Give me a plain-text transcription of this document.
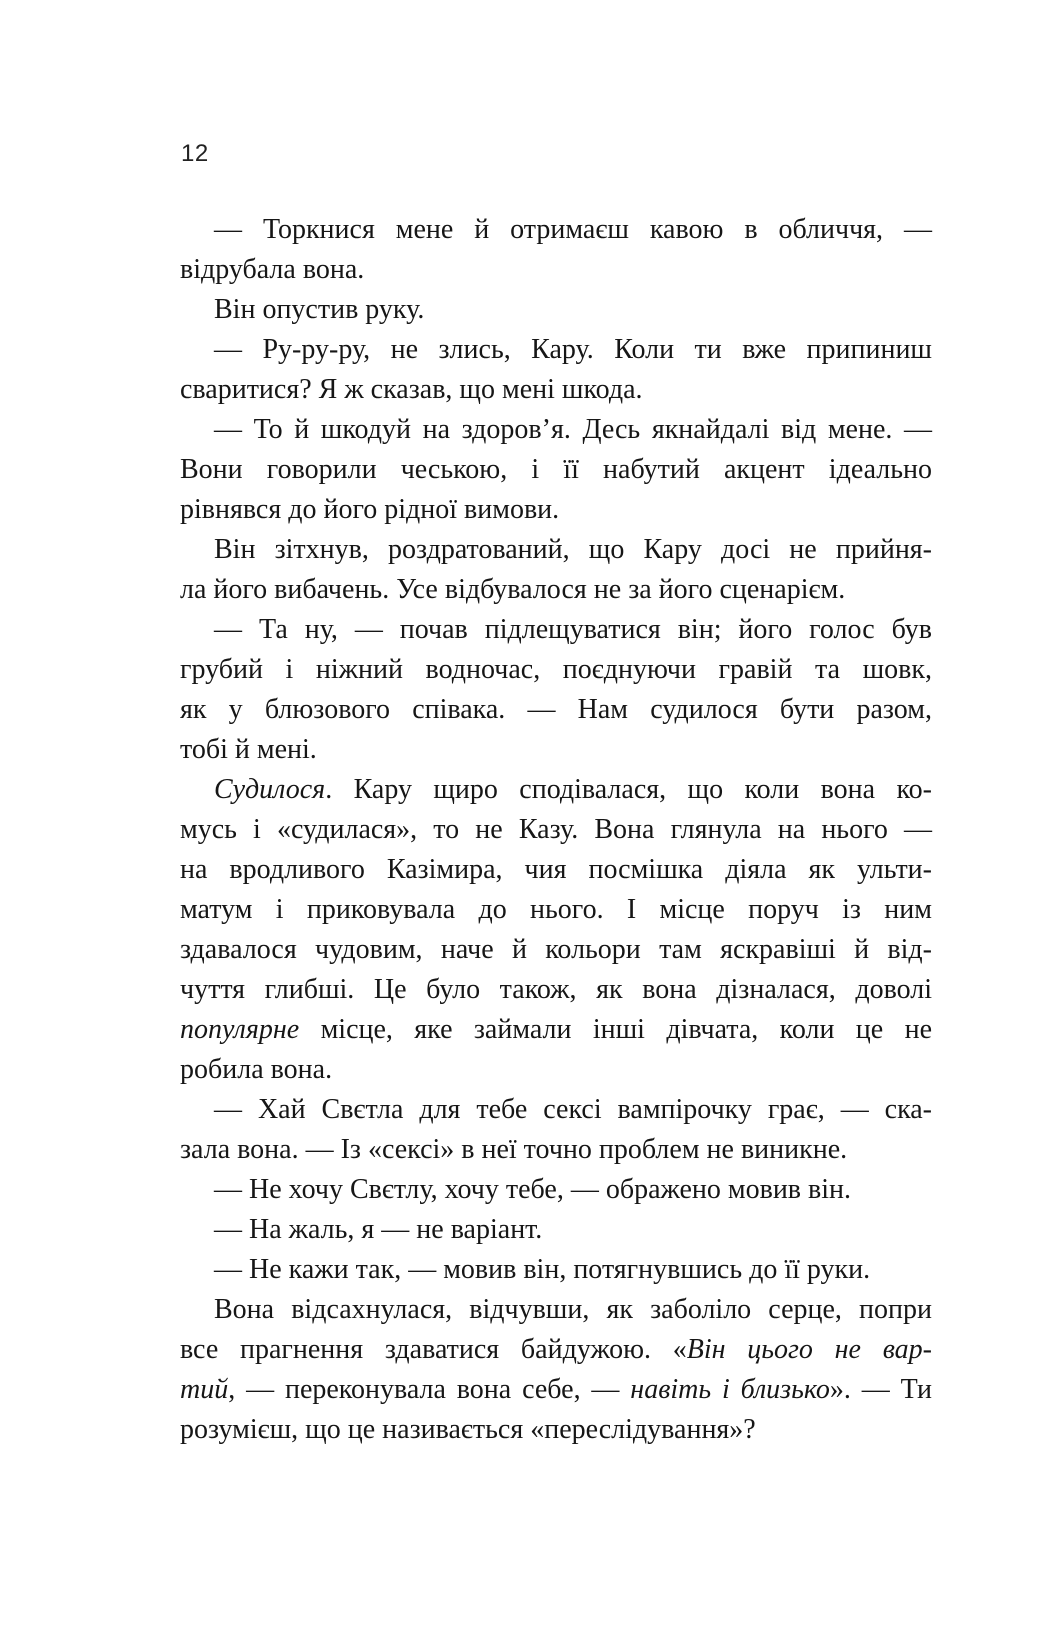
12

— Торкнися мене й отримаєш кавою в обличчя, —
відрубала вона.

Він опустив руку.

— Ру-ру-ру, не злись, Кару. Коли ти вже припиниш
сваритися? Я ж сказав, що мені шкода.

— То й шкодуй на здоров’я. Десь якнайдалі від мене. —
Вони говорили чеською, і її набутий акцент ідеально
рівнявся до його рідної вимови.

Він зітхнув, роздратований, що Кару досі не прийня-
ла його вибачень. Усе відбувалося не за його сценарієм.

— Та ну, — почав підлещуватися він; його голос був
грубий і ніжний водночас, поєднуючи гравій та шовк,
як у блюзового співака. — Нам судилося бути разом,
тобі й мені.

Судилося. Кару щиро сподівалася, що коли вона ко-
мусь і «судилася», то не Казу. Вона глянула на нього —
на вродливого Казімира, чия посмішка діяла як ульти-
матум і приковувала до нього. І місце поруч із ним
здавалося чудовим, наче й кольори там яскравіші й від-
чуття глибші. Це було також, як вона дізналася, доволі
популярне місце, яке займали інші дівчата, коли це не
робила вона.

— Хай Свєтла для тебе сексі вампірочку грає, — ска-
зала вона. — Із «сексі» в неї точно проблем не виникне.

— Не хочу Свєтлу, хочу тебе, — ображено мовив він.

— На жаль, я — не варіант.

— Не кажи так, — мовив він, потягнувшись до її руки.

Вона відсахнулася, відчувши, як заболіло серце, попри
все прагнення здаватися байдужою. «Він цього не вар-
тий, — переконувала вона себе, — навіть і близько». — Ти
розумієш, що це називається «переслідування»?
